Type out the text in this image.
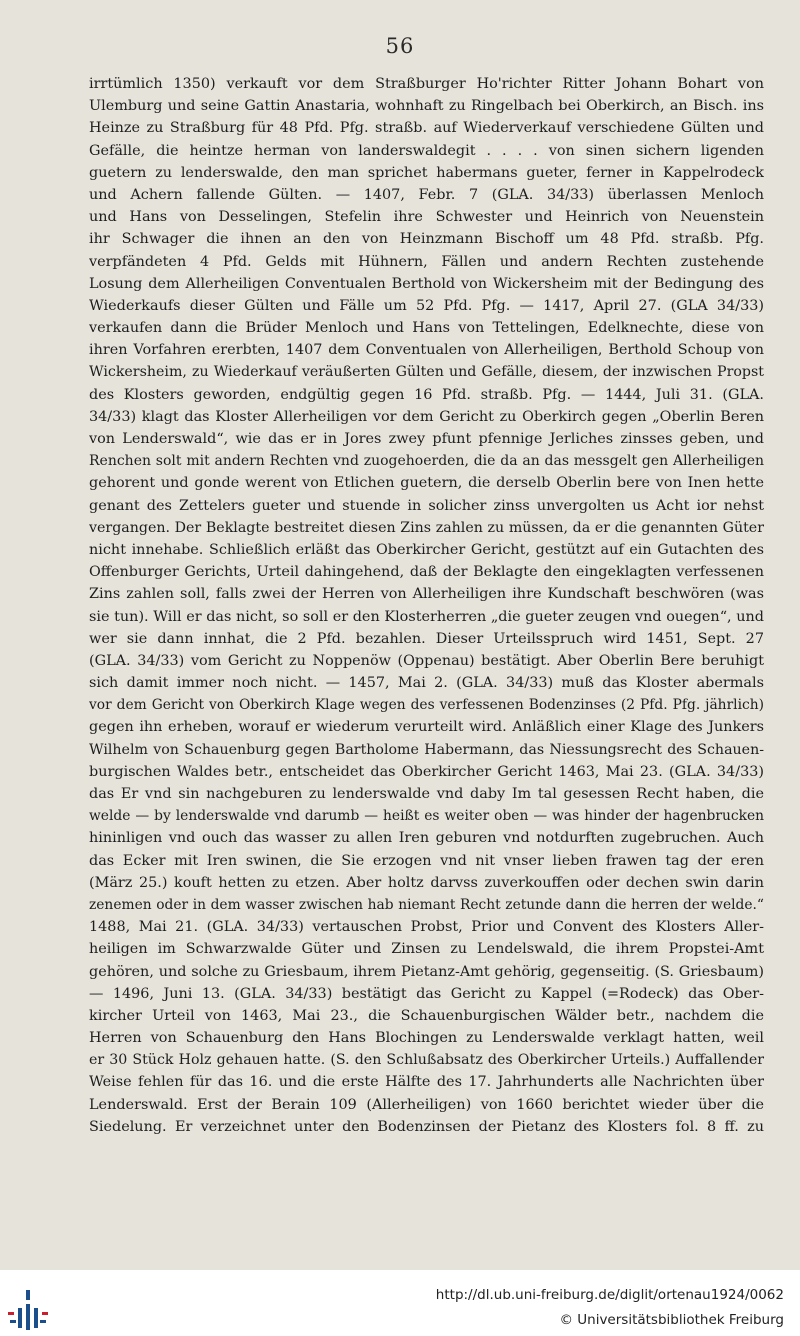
56
irrtümlich 1350) verkauft vor dem Straßburger Ho'richter Ritter Johann Bohart von
Ulemburg und seine Gattin Anastaria, wohnhaft zu Ringelbach bei Oberkirch, an Bisch. ins
Heinze zu Straßburg für 48 Pfd. Pfg. straßb. auf Wiederverkauf verschiedene Gülten und
Gefälle, die heintze herman von landerswaldegit . . . . von sinen sichern ligenden
guetern zu lenderswalde, den man sprichet habermans gueter, ferner in Kappelrodeck
und Achern fallende Gülten. — 1407, Febr. 7 (GLA. 34/33) überlassen Menloch
und Hans von Desselingen, Stefelin ihre Schwester und Heinrich von Neuenstein
ihr Schwager die ihnen an den von Heinzmann Bischoff um 48 Pfd. straßb. Pfg.
verpfändeten 4 Pfd. Gelds mit Hühnern, Fällen und andern Rechten zustehende
Losung dem Allerheiligen Conventualen Berthold von Wickersheim mit der Bedingung des
Wiederkaufs dieser Gülten und Fälle um 52 Pfd. Pfg. — 1417, April 27. (GLA 34/33)
verkaufen dann die Brüder Menloch und Hans von Tettelingen, Edelknechte, diese von
ihren Vorfahren ererbten, 1407 dem Conventualen von Allerheiligen, Berthold Schoup von
Wickersheim, zu Wiederkauf veräußerten Gülten und Gefälle, diesem, der inzwischen Propst
des Klosters geworden, endgültig gegen 16 Pfd. straßb. Pfg. — 1444, Juli 31. (GLA.
34/33) klagt das Kloster Allerheiligen vor dem Gericht zu Oberkirch gegen „Oberlin Beren
von Lenderswald“, wie das er in Jores zwey pfunt pfennige Jerliches zinsses geben, und
Renchen solt mit andern Rechten vnd zuogehoerden, die da an das messgelt gen Allerheiligen
gehorent und gonde werent von Etlichen guetern, die derselb Oberlin bere von Inen hette
genant des Zettelers gueter und stuende in solicher zinss unvergolten us Acht ior nehst
vergangen. Der Beklagte bestreitet diesen Zins zahlen zu müssen, da er die genannten Güter
nicht innehabe. Schließlich erläßt das Oberkircher Gericht, gestützt auf ein Gutachten des
Offenburger Gerichts, Urteil dahingehend, daß der Beklagte den eingeklagten verfessenen
Zins zahlen soll, falls zwei der Herren von Allerheiligen ihre Kundschaft beschwören (was
sie tun). Will er das nicht, so soll er den Klosterherren „die gueter zeugen vnd ouegen“, und
wer sie dann innhat, die 2 Pfd. bezahlen. Dieser Urteilsspruch wird 1451, Sept. 27
(GLA. 34/33) vom Gericht zu Noppenöw (Oppenau) bestätigt. Aber Oberlin Bere beruhigt
sich damit immer noch nicht. — 1457, Mai 2. (GLA. 34/33) muß das Kloster abermals
vor dem Gericht von Oberkirch Klage wegen des verfessenen Bodenzinses (2 Pfd. Pfg. jährlich)
gegen ihn erheben, worauf er wiederum verurteilt wird. Anläßlich einer Klage des Junkers
Wilhelm von Schauenburg gegen Bartholome Habermann, das Niessungsrecht des Schauen-
burgischen Waldes betr., entscheidet das Oberkircher Gericht 1463, Mai 23. (GLA. 34/33)
das Er vnd sin nachgeburen zu lenderswalde vnd daby Im tal gesessen Recht haben, die
welde — by lenderswalde vnd darumb — heißt es weiter oben — was hinder der hagenbrucken
hininligen vnd ouch das wasser zu allen Iren geburen vnd notdurften zugebruchen. Auch
das Ecker mit Iren swinen, die Sie erzogen vnd nit vnser lieben frawen tag der eren
(März 25.) kouft hetten zu etzen. Aber holtz darvss zuverkouffen oder dechen swin darin
zenemen oder in dem wasser zwischen hab niemant Recht zetunde dann die herren der welde.“
1488, Mai 21. (GLA. 34/33) vertauschen Probst, Prior und Convent des Klosters Aller-
heiligen im Schwarzwalde Güter und Zinsen zu Lendelswald, die ihrem Propstei-Amt
gehören, und solche zu Griesbaum, ihrem Pietanz-Amt gehörig, gegenseitig. (S. Griesbaum)
— 1496, Juni 13. (GLA. 34/33) bestätigt das Gericht zu Kappel (=Rodeck) das Ober-
kircher Urteil von 1463, Mai 23., die Schauenburgischen Wälder betr., nachdem die
Herren von Schauenburg den Hans Blochingen zu Lenderswalde verklagt hatten, weil
er 30 Stück Holz gehauen hatte. (S. den Schlußabsatz des Oberkircher Urteils.) Auffallender
Weise fehlen für das 16. und die erste Hälfte des 17. Jahrhunderts alle Nachrichten über
Lenderswald. Erst der Berain 109 (Allerheiligen) von 1660 berichtet wieder über die
Siedelung. Er verzeichnet unter den Bodenzinsen der Pietanz des Klosters fol. 8 ff. zu
http://dl.ub.uni-freiburg.de/diglit/ortenau1924/0062
© Universitätsbibliothek Freiburg
